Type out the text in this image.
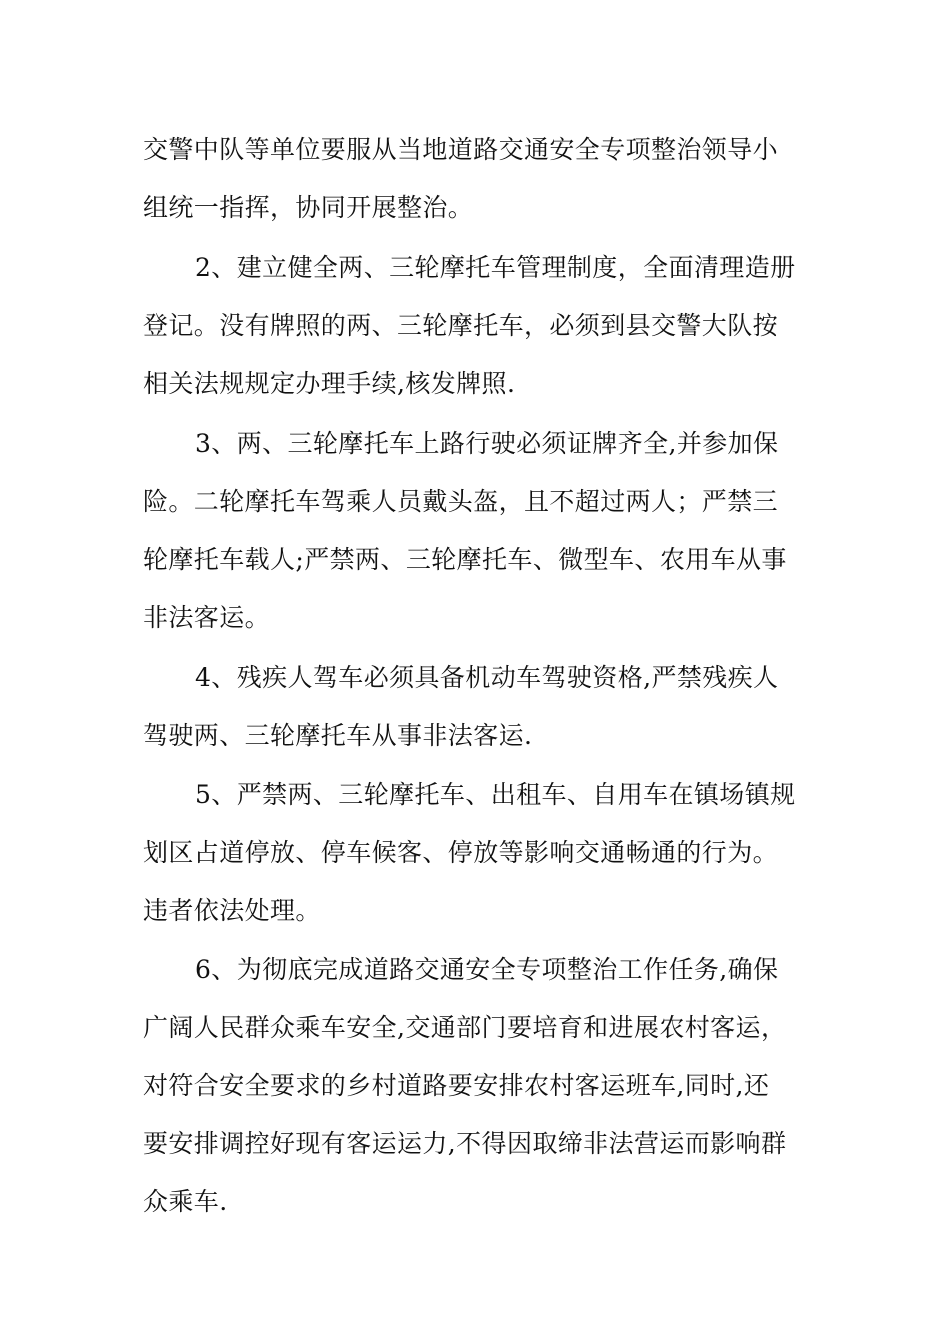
交警中队等单位要服从当地道路交通安全专项整治领导小
组统一指挥，协同开展整治。
2、建立健全两、三轮摩托车管理制度，全面清理造册
登记。没有牌照的两、三轮摩托车，必须到县交警大队按
相关法规规定办理手续,核发牌照.
3、两、三轮摩托车上路行驶必须证牌齐全,并参加保
险。二轮摩托车驾乘人员戴头盔，且不超过两人；严禁三
轮摩托车载人;严禁两、三轮摩托车、微型车、农用车从事
非法客运。
4、残疾人驾车必须具备机动车驾驶资格,严禁残疾人
驾驶两、三轮摩托车从事非法客运.
5、严禁两、三轮摩托车、出租车、自用车在镇场镇规
划区占道停放、停车候客、停放等影响交通畅通的行为。
违者依法处理。
6、为彻底完成道路交通安全专项整治工作任务,确保
广阔人民群众乘车安全,交通部门要培育和进展农村客运，
对符合安全要求的乡村道路要安排农村客运班车,同时,还
要安排调控好现有客运运力,不得因取缔非法营运而影响群
众乘车.
